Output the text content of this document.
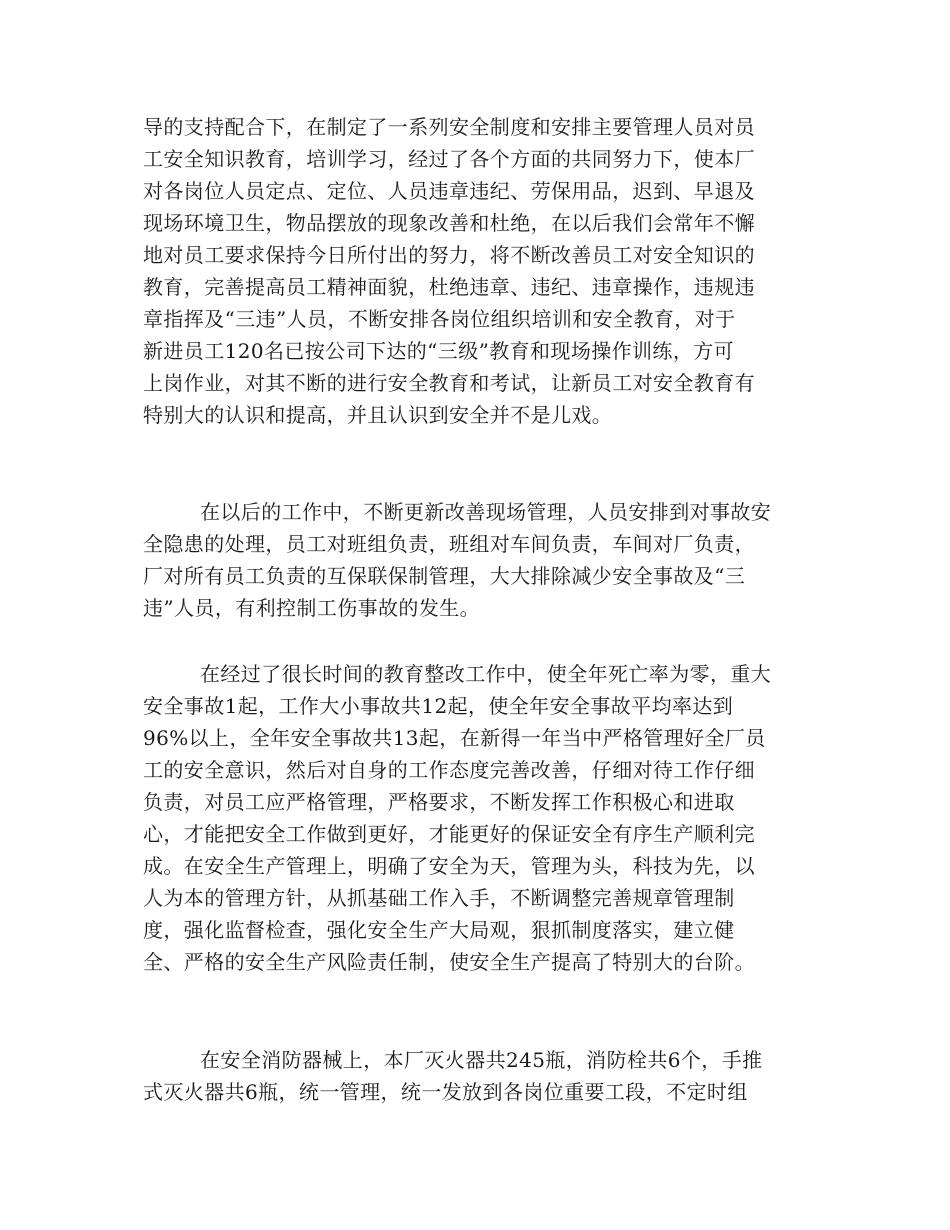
导的支持配合下，在制定了一系列安全制度和安排主要管理人员对员
工安全知识教育，培训学习，经过了各个方面的共同努力下，使本厂
对各岗位人员定点、定位、人员违章违纪、劳保用品，迟到、早退及
现场环境卫生，物品摆放的现象改善和杜绝，在以后我们会常年不懈
地对员工要求保持今日所付出的努力，将不断改善员工对安全知识的
教育，完善提高员工精神面貌，杜绝违章、违纪、违章操作，违规违
章指挥及“三违”人员，不断安排各岗位组织培训和安全教育，对于
新进员工120名已按公司下达的“三级”教育和现场操作训练，方可
上岗作业，对其不断的进行安全教育和考试，让新员工对安全教育有
特别大的认识和提高，并且认识到安全并不是儿戏。
在以后的工作中，不断更新改善现场管理，人员安排到对事故安
全隐患的处理，员工对班组负责，班组对车间负责，车间对厂负责，
厂对所有员工负责的互保联保制管理，大大排除减少安全事故及“三
违”人员，有利控制工伤事故的发生。
在经过了很长时间的教育整改工作中，使全年死亡率为零，重大
安全事故1起，工作大小事故共12起，使全年安全事故平均率达到
96%以上，全年安全事故共13起，在新得一年当中严格管理好全厂员
工的安全意识，然后对自身的工作态度完善改善，仔细对待工作仔细
负责，对员工应严格管理，严格要求，不断发挥工作积极心和进取
心，才能把安全工作做到更好，才能更好的保证安全有序生产顺利完
成。在安全生产管理上，明确了安全为天，管理为头，科技为先，以
人为本的管理方针，从抓基础工作入手，不断调整完善规章管理制
度，强化监督检查，强化安全生产大局观，狠抓制度落实，建立健
全、严格的安全生产风险责任制，使安全生产提高了特别大的台阶。
在安全消防器械上，本厂灭火器共245瓶，消防栓共6个，手推
式灭火器共6瓶，统一管理，统一发放到各岗位重要工段，不定时组
